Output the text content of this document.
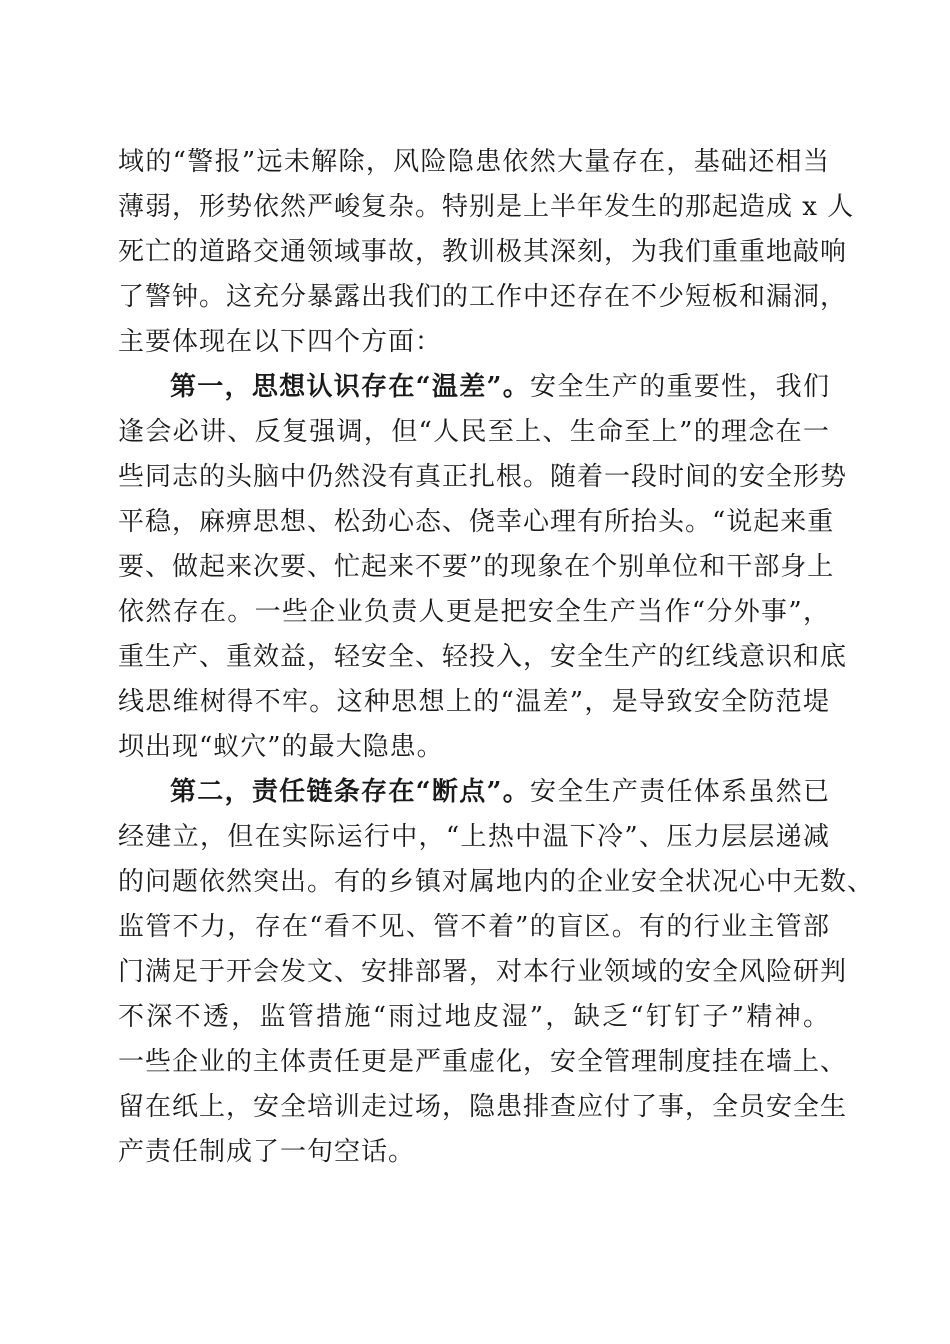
域的“警报”远未解除，风险隐患依然大量存在，基础还相当
薄弱，形势依然严峻复杂。特别是上半年发生的那起造成 x 人
死亡的道路交通领域事故，教训极其深刻，为我们重重地敲响
了警钟。这充分暴露出我们的工作中还存在不少短板和漏洞，
主要体现在以下四个方面：
第一，思想认识存在“温差”。安全生产的重要性，我们
逢会必讲、反复强调，但“人民至上、生命至上”的理念在一
些同志的头脑中仍然没有真正扎根。随着一段时间的安全形势
平稳，麻痹思想、松劲心态、侥幸心理有所抬头。“说起来重
要、做起来次要、忙起来不要”的现象在个别单位和干部身上
依然存在。一些企业负责人更是把安全生产当作“分外事”，
重生产、重效益，轻安全、轻投入，安全生产的红线意识和底
线思维树得不牢。这种思想上的“温差”，是导致安全防范堤
坝出现“蚁穴”的最大隐患。
第二，责任链条存在“断点”。安全生产责任体系虽然已
经建立，但在实际运行中，“上热中温下冷”、压力层层递减
的问题依然突出。有的乡镇对属地内的企业安全状况心中无数、
监管不力，存在“看不见、管不着”的盲区。有的行业主管部
门满足于开会发文、安排部署，对本行业领域的安全风险研判
不深不透，监管措施“雨过地皮湿”，缺乏“钉钉子”精神。
一些企业的主体责任更是严重虚化，安全管理制度挂在墙上、
留在纸上，安全培训走过场，隐患排查应付了事，全员安全生
产责任制成了一句空话。
